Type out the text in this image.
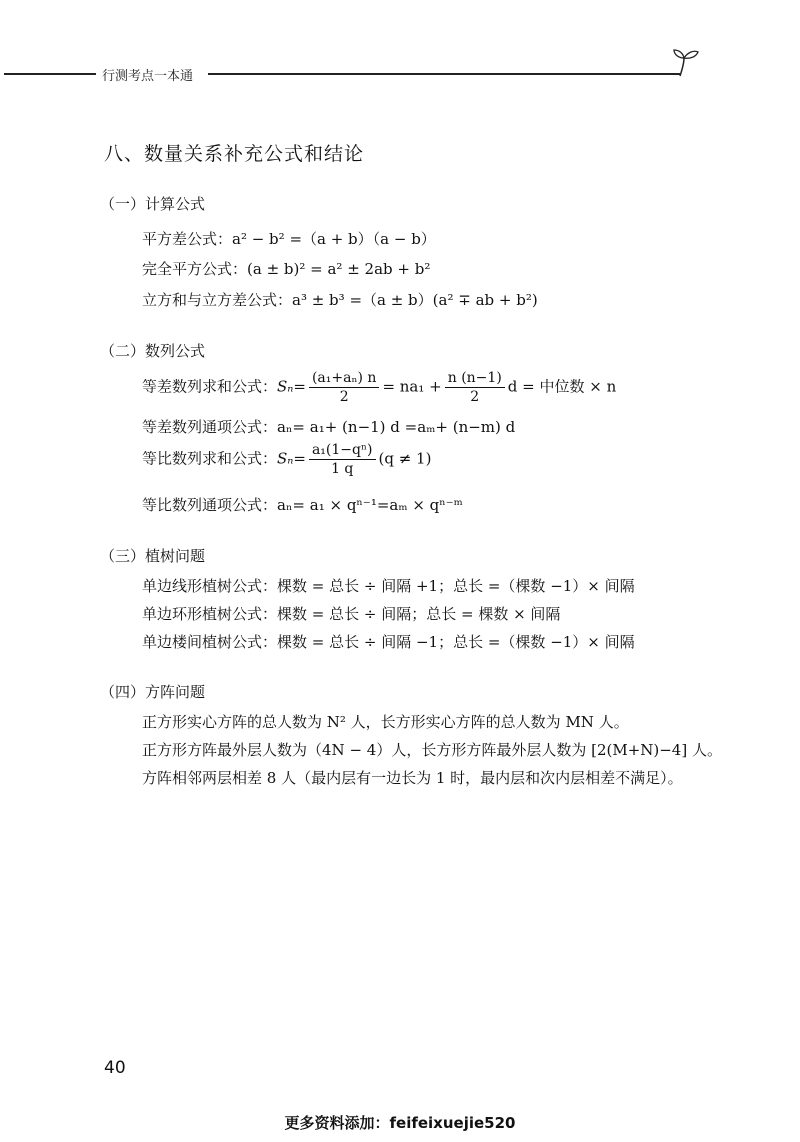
行测考点一本通
八、数量关系补充公式和结论
（一）计算公式
平方差公式：a² − b² =（a + b）（a − b）
完全平方公式：(a ± b)² = a² ± 2ab + b²
立方和与立方差公式：a³ ± b³ =（a ± b）(a² ∓ ab + b²)
（二）数列公式
等差数列求和公式：$S_n= \frac{\text{(a₁+aₙ) n}}{2} = na_1 + \frac{n (n-1)}{2}$ d = 中位数 × n
等差数列通项公式：aₙ= a₁+ (n−1) d =aₘ+ (n−m) d
等比数列求和公式：$S_n= \frac{\text{a₁(1−qⁿ)}}{1 q} (q \ne 1)$
等比数列通项公式：aₙ= a₁ × qⁿ⁻¹=aₘ × qⁿ⁻ᵐ
（三）植树问题
单边线形植树公式：棵数 = 总长 ÷ 间隔 +1；总长 =（棵数 −1）× 间隔
单边环形植树公式：棵数 = 总长 ÷ 间隔；总长 = 棵数 × 间隔
单边楼间植树公式：棵数 = 总长 ÷ 间隔 −1；总长 =（棵数 −1）× 间隔
（四）方阵问题
正方形实心方阵的总人数为 N² 人，长方形实心方阵的总人数为 MN 人。
正方形方阵最外层人数为（4N − 4）人，长方形方阵最外层人数为 [2(M+N)−4] 人。
方阵相邻两层相差 8 人（最内层有一边长为 1 时，最内层和次内层相差不满足）。
40
更多资料添加：feifeixuejie520
